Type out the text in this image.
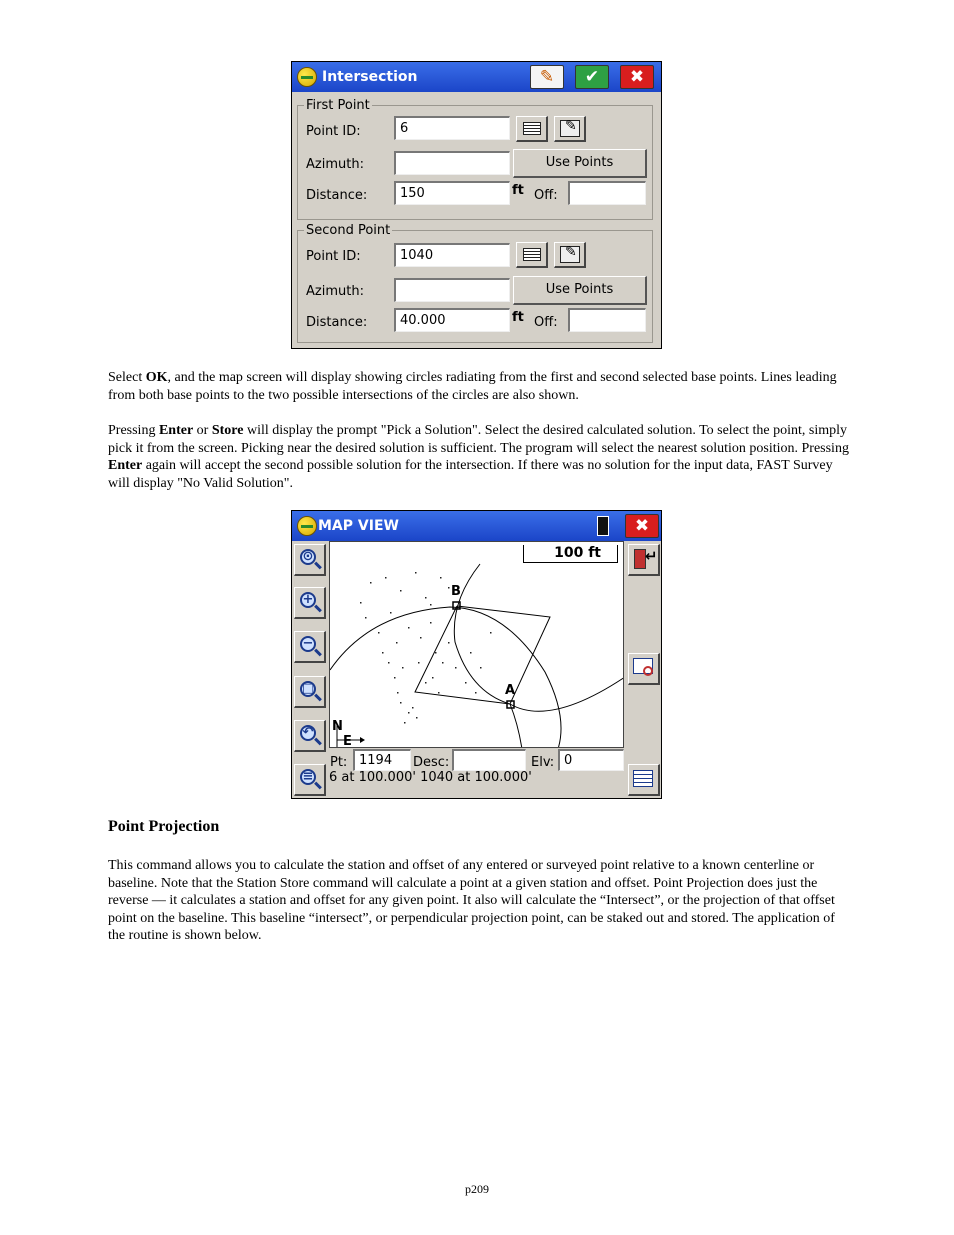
Intersection	✎	✔	✖
First Point
Point ID:	6
✎
Azimuth:	Use Points
Distance:	150	ft Off:
Second Point
Point ID:	1040
✎
Azimuth:	Use Points
Distance:	40.000	ft Off:

Select OK, and the map screen will display showing circles radiating from the first and second selected base points. Lines leading from both base points to the two possible intersections of the circles are also shown.

Pressing Enter or Store will display the prompt "Pick a Solution". Select the desired calculated solution. To select the point, simply pick it from the screen. Picking near the desired solution is sufficient. The program will select the nearest solution position. Pressing Enter again will accept the second possible solution for the intersection. If there was no solution for the input data, FAST Survey will display "No Valid Solution".

MAP VIEW	✖
⊙
+
−
□
↶
≡
↵
100 ft
B
A
N
E
Pt: 1194	Desc:	Elv: 0
6 at 100.000' 1040 at 100.000'
Point Projection

This command allows you to calculate the station and offset of any entered or surveyed point relative to a known centerline or baseline. Note that the Station Store command will calculate a point at a given station and offset. Point Projection does just the reverse — it calculates a station and offset for any given point. It also will calculate the “Intersect”, or the projection of that offset point on the baseline. This baseline “intersect”, or perpendicular projection point, can be staked out and stored. The application of the routine is shown below.

p209
